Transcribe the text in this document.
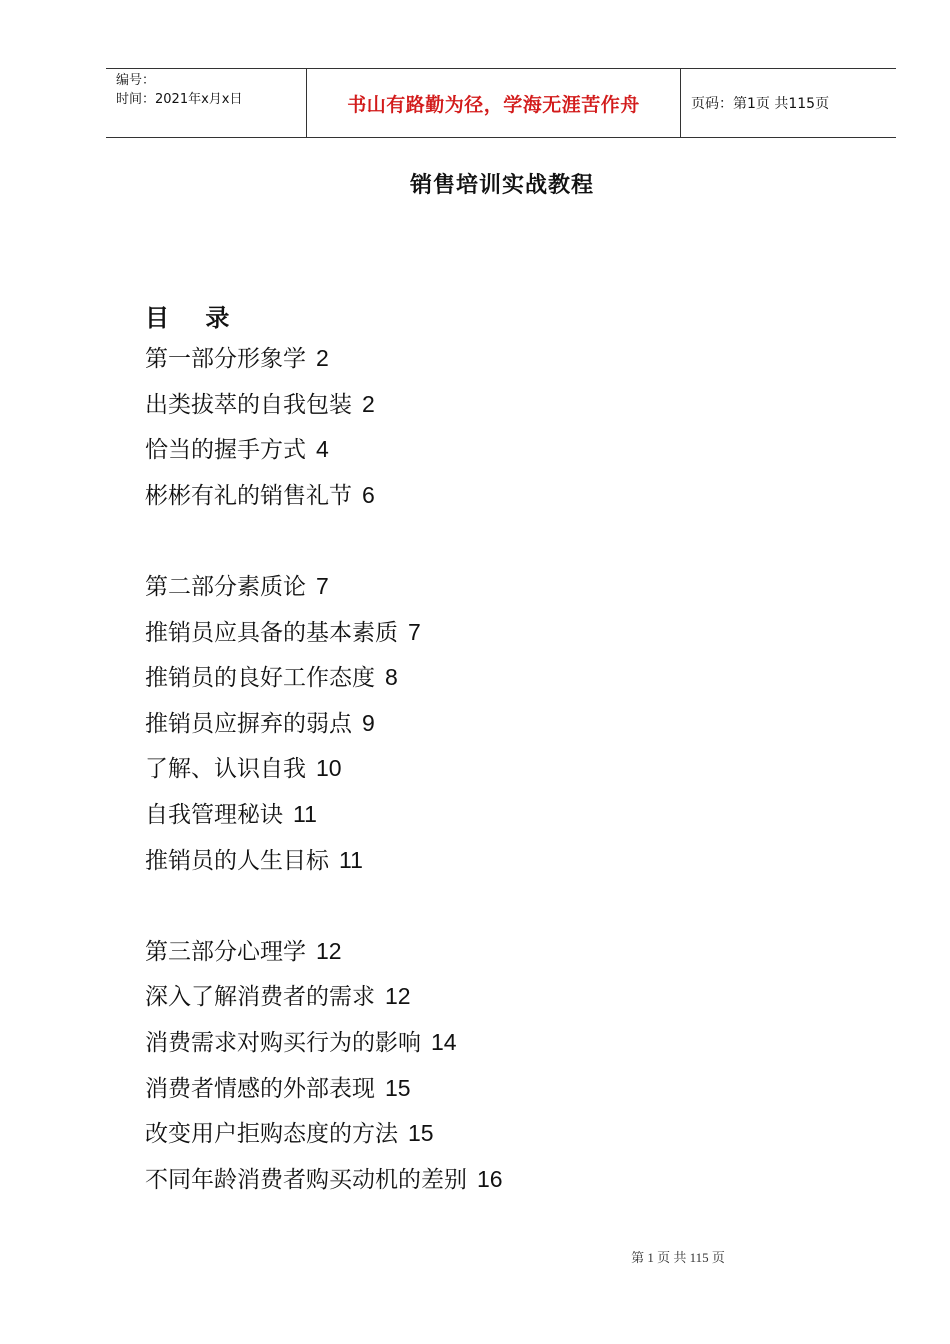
编号：
时间：2021年x月x日	书山有路勤为径，学海无涯苦作舟	页码：第1页 共115页
销售培训实战教程
目 录
第一部分形象学 2
出类拔萃的自我包装 2
恰当的握手方式 4
彬彬有礼的销售礼节 6
第二部分素质论 7
推销员应具备的基本素质 7
推销员的良好工作态度 8
推销员应摒弃的弱点 9
了解、认识自我 10
自我管理秘诀 11
推销员的人生目标 11
第三部分心理学 12
深入了解消费者的需求 12
消费需求对购买行为的影响 14
消费者情感的外部表现 15
改变用户拒购态度的方法 15
不同年龄消费者购买动机的差别 16
第 1 页 共 115 页
